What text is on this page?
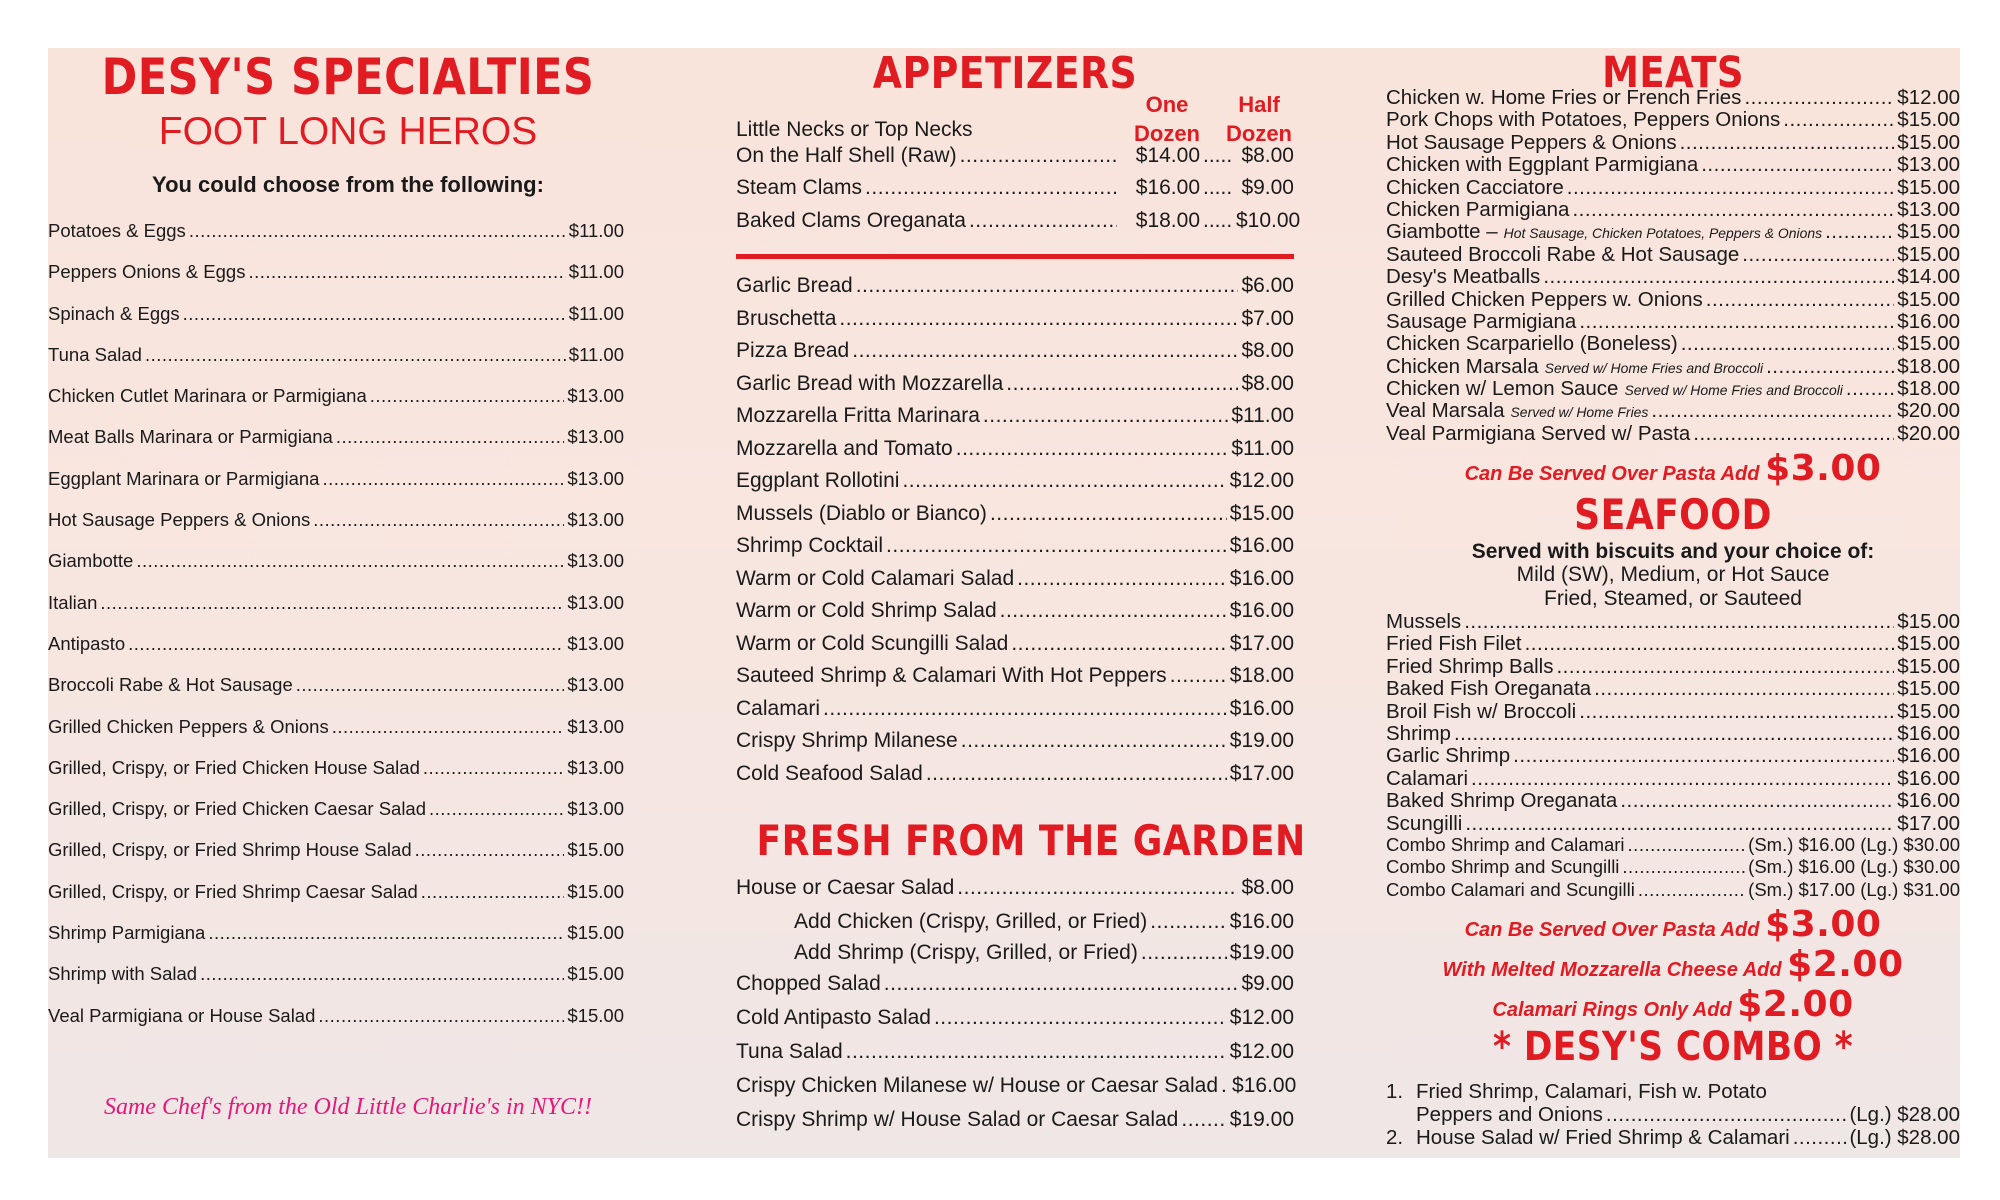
DESY'S SPECIALTIES
FOOT LONG HEROS
You could choose from the following:
Potatoes & Eggs .....	$11.00
Peppers Onions & Eggs .....	$11.00
Spinach & Eggs .....	$11.00
Tuna Salad .....	$11.00
Chicken Cutlet Marinara or Parmigiana .....	$13.00
Meat Balls Marinara or Parmigiana .....	$13.00
Eggplant Marinara or Parmigiana .....	$13.00
Hot Sausage Peppers & Onions .....	$13.00
Giambotte .....	$13.00
Italian .....	$13.00
Antipasto .....	$13.00
Broccoli Rabe & Hot Sausage .....	$13.00
Grilled Chicken Peppers & Onions .....	$13.00
Grilled, Crispy, or Fried Chicken House Salad .....	$13.00
Grilled, Crispy, or Fried Chicken Caesar Salad .....	$13.00
Grilled, Crispy, or Fried Shrimp House Salad .....	$15.00
Grilled, Crispy, or Fried Shrimp Caesar Salad .....	$15.00
Shrimp Parmigiana .....	$15.00
Shrimp with Salad .....	$15.00
Veal Parmigiana or House Salad .....	$15.00
Same Chef's from the Old Little Charlie's in NYC!!
APPETIZERS
Little Necks or Top Necks
One
Dozen
Half
Dozen
On the Half Shell (Raw) .....	$14.00 ..... $8.00
Steam Clams .....	$16.00 ..... $9.00
Baked Clams Oreganata .....	$18.00 ..... $10.00
Garlic Bread .....	$6.00
Bruschetta .....	$7.00
Pizza Bread .....	$8.00
Garlic Bread with Mozzarella .....	$8.00
Mozzarella Fritta Marinara .....	$11.00
Mozzarella and Tomato .....	$11.00
Eggplant Rollotini .....	$12.00
Mussels (Diablo or Bianco) .....	$15.00
Shrimp Cocktail .....	$16.00
Warm or Cold Calamari Salad .....	$16.00
Warm or Cold Shrimp Salad .....	$16.00
Warm or Cold Scungilli Salad .....	$17.00
Sauteed Shrimp & Calamari With Hot Peppers .....	$18.00
Calamari .....	$16.00
Crispy Shrimp Milanese .....	$19.00
Cold Seafood Salad .....	$17.00
FRESH FROM THE GARDEN
House or Caesar Salad .....	$8.00
Add Chicken (Crispy, Grilled, or Fried) .....	$16.00
Add Shrimp (Crispy, Grilled, or Fried) .....	$19.00
Chopped Salad .....	$9.00
Cold Antipasto Salad .....	$12.00
Tuna Salad .....	$12.00
Crispy Chicken Milanese w/ House or Caesar Salad ..... $16.00
Crispy Shrimp w/ House Salad or Caesar Salad ..... $19.00
MEATS
Chicken w. Home Fries or French Fries .....	$12.00
Pork Chops with Potatoes, Peppers Onions .....	$15.00
Hot Sausage Peppers & Onions .....	$15.00
Chicken with Eggplant Parmigiana .....	$13.00
Chicken Cacciatore .....	$15.00
Chicken Parmigiana .....	$13.00
Giambotte – Hot Sausage, Chicken Potatoes, Peppers & Onions .....	$15.00
Sauteed Broccoli Rabe & Hot Sausage .....	$15.00
Desy's Meatballs .....	$14.00
Grilled Chicken Peppers w. Onions .....	$15.00
Sausage Parmigiana .....	$16.00
Chicken Scarpariello (Boneless) .....	$15.00
Chicken Marsala Served w/ Home Fries and Broccoli .....	$18.00
Chicken w/ Lemon Sauce Served w/ Home Fries and Broccoli .....	$18.00
Veal Marsala Served w/ Home Fries .....	$20.00
Veal Parmigiana Served w/ Pasta .....	$20.00
Can Be Served Over Pasta Add $3.00
SEAFOOD
Served with biscuits and your choice of:
Mild (SW), Medium, or Hot Sauce
Fried, Steamed, or Sauteed
Mussels .....	$15.00
Fried Fish Filet .....	$15.00
Fried Shrimp Balls .....	$15.00
Baked Fish Oreganata .....	$15.00
Broil Fish w/ Broccoli .....	$15.00
Shrimp .....	$16.00
Garlic Shrimp .....	$16.00
Calamari .....	$16.00
Baked Shrimp Oreganata .....	$16.00
Scungilli .....	$17.00
Combo Shrimp and Calamari .....	(Sm.) $16.00 (Lg.) $30.00
Combo Shrimp and Scungilli .....	(Sm.) $16.00 (Lg.) $30.00
Combo Calamari and Scungilli .....	(Sm.) $17.00 (Lg.) $31.00
Can Be Served Over Pasta Add $3.00
With Melted Mozzarella Cheese Add $2.00
Calamari Rings Only Add $2.00
* DESY'S COMBO *
1. Fried Shrimp, Calamari, Fish w. Potato
Peppers and Onions .....	(Lg.) $28.00
2. House Salad w/ Fried Shrimp & Calamari .....	(Lg.) $28.00
